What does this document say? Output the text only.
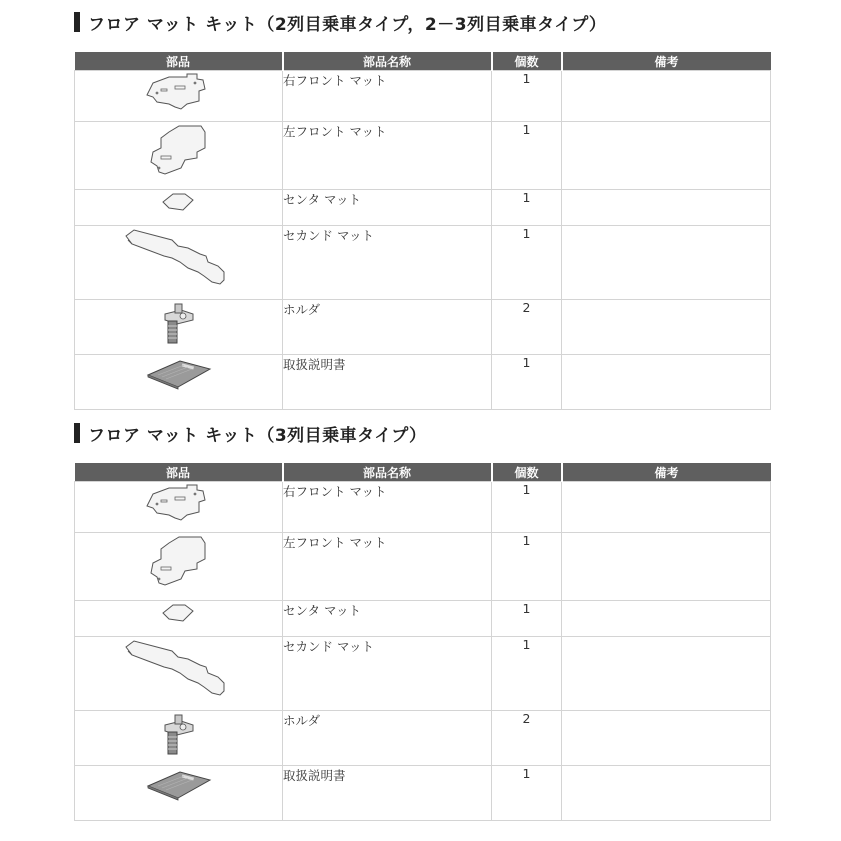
フロア マット キット（2列目乗車タイプ，2－3列目乗車タイプ）
部品	部品名称	個数	備考

	右フロント マット	1	

	左フロント マット	1	

	センタ マット	1	

	セカンド マット	1	

	ホルダ	2	

	取扱説明書	1	
フロア マット キット（3列目乗車タイプ）
部品	部品名称	個数	備考

	右フロント マット	1	

	左フロント マット	1	

	センタ マット	1	

	セカンド マット	1	

	ホルダ	2	

	取扱説明書	1	
